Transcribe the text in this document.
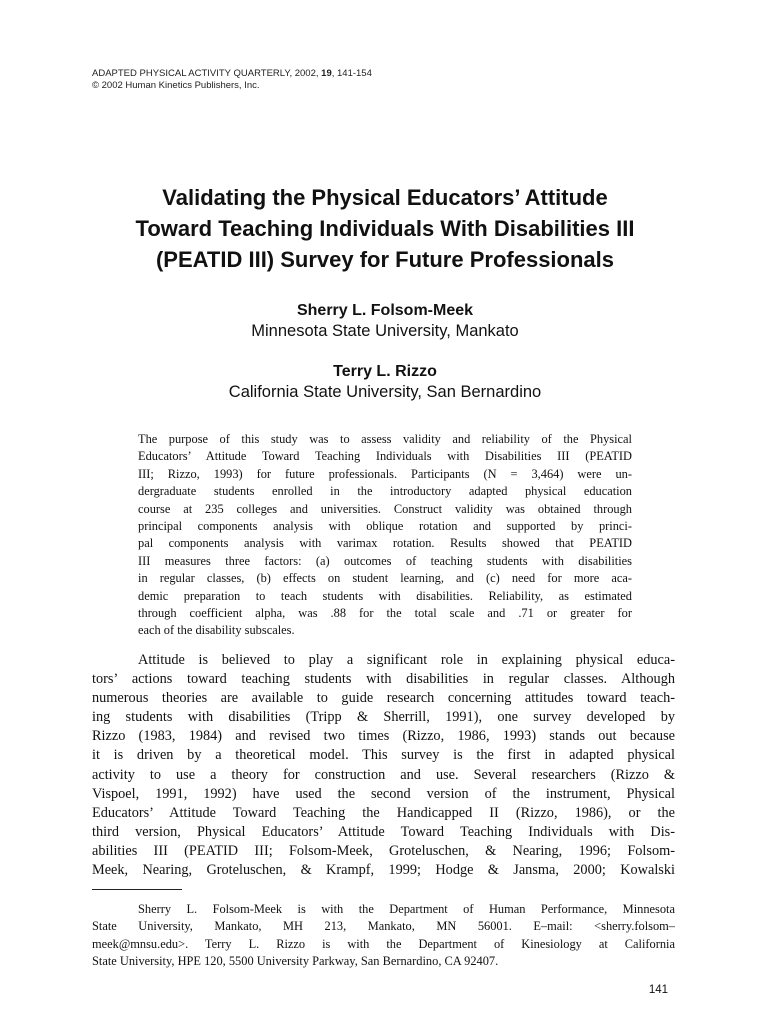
ADAPTED PHYSICAL ACTIVITY QUARTERLY, 2002, 19, 141-154
© 2002 Human Kinetics Publishers, Inc.
Validating the Physical Educators’ Attitude
Toward Teaching Individuals With Disabilities III
(PEATID III) Survey for Future Professionals
Sherry L. Folsom-Meek
Minnesota State University, Mankato
Terry L. Rizzo
California State University, San Bernardino
The purpose of this study was to assess validity and reliability of the Physical
Educators’ Attitude Toward Teaching Individuals with Disabilities III (PEATID
III; Rizzo, 1993) for future professionals. Participants (N = 3,464) were un-
dergraduate students enrolled in the introductory adapted physical education
course at 235 colleges and universities. Construct validity was obtained through
principal components analysis with oblique rotation and supported by princi-
pal components analysis with varimax rotation. Results showed that PEATID
III measures three factors: (a) outcomes of teaching students with disabilities
in regular classes, (b) effects on student learning, and (c) need for more aca-
demic preparation to teach students with disabilities. Reliability, as estimated
through coefficient alpha, was .88 for the total scale and .71 or greater for
each of the disability subscales.
Attitude is believed to play a significant role in explaining physical educa-
tors’ actions toward teaching students with disabilities in regular classes. Although
numerous theories are available to guide research concerning attitudes toward teach-
ing students with disabilities (Tripp & Sherrill, 1991), one survey developed by
Rizzo (1983, 1984) and revised two times (Rizzo, 1986, 1993) stands out because
it is driven by a theoretical model. This survey is the first in adapted physical
activity to use a theory for construction and use. Several researchers (Rizzo &
Vispoel, 1991, 1992) have used the second version of the instrument, Physical
Educators’ Attitude Toward Teaching the Handicapped II (Rizzo, 1986), or the
third version, Physical Educators’ Attitude Toward Teaching Individuals with Dis-
abilities III (PEATID III; Folsom-Meek, Groteluschen, & Nearing, 1996; Folsom-
Meek, Nearing, Groteluschen, & Krampf, 1999; Hodge & Jansma, 2000; Kowalski
Sherry L. Folsom-Meek is with the Department of Human Performance, Minnesota
State University, Mankato, MH 213, Mankato, MN 56001. E–mail: <sherry.folsom–
meek@mnsu.edu>. Terry L. Rizzo is with the Department of Kinesiology at California
State University, HPE 120, 5500 University Parkway, San Bernardino, CA 92407.
141
